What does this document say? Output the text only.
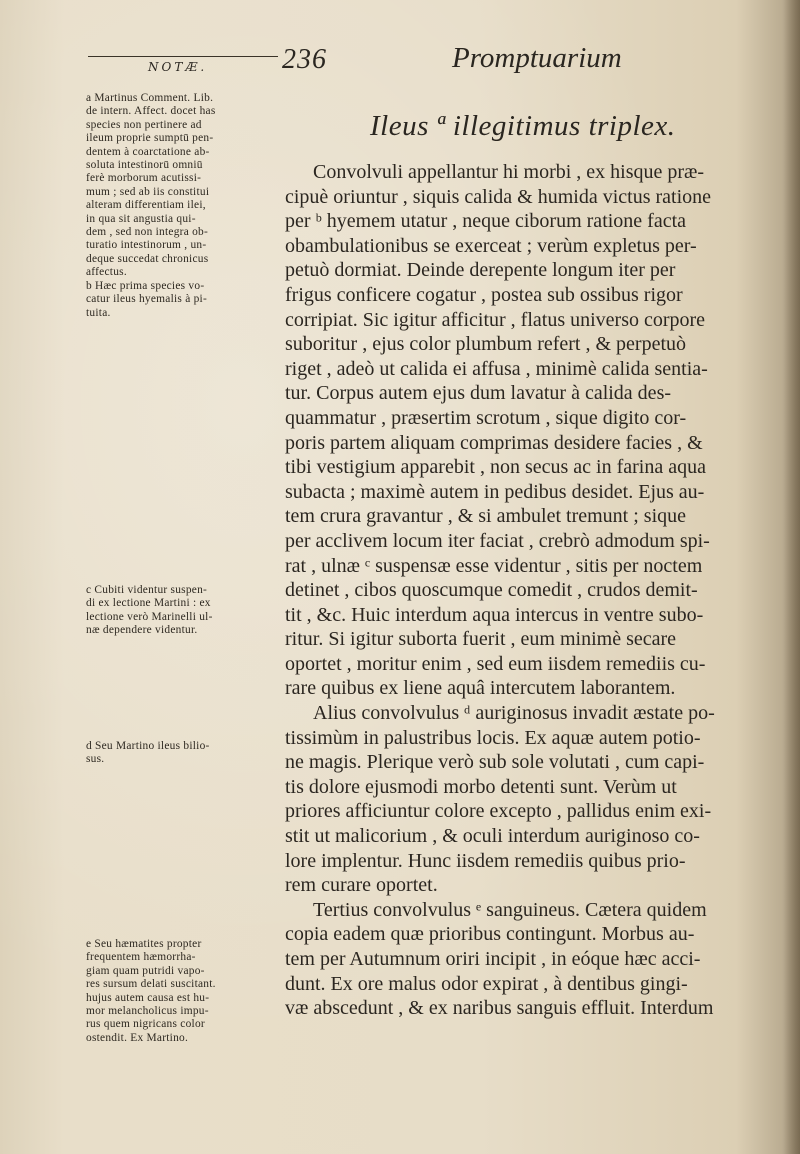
NOTÆ.	236	Promptuarium
Ileus ª illegitimus triplex.
a Martinus Comment. Lib.
de intern. Affect. docet has
species non pertinere ad
ileum proprie sumptū pen-
dentem à coarctatione ab-
soluta intestinorū omniū
ferè morborum acutissi-
mum ; sed ab iis constitui
alteram differentiam ilei,
in qua sit angustia qui-
dem , sed non integra ob-
turatio intestinorum , un-
deque succedat chronicus
affectus.
b Hæc prima species vo-
catur ileus hyemalis à pi-
tuita.
c Cubiti videntur suspen-
di ex lectione Martini : ex
lectione verò Marinelli ul-
næ dependere videntur.
d Seu Martino ileus bilio-
sus.
e Seu hæmatites propter
frequentem hæmorrha-
giam quam putridi vapo-
res sursum delati suscitant.
hujus autem causa est hu-
mor melancholicus impu-
rus quem nigricans color
ostendit. Ex Martino.
Convolvuli appellantur hi morbi , ex hisque præ-
cipuè oriuntur , siquis calida & humida victus ratione
per ᵇ hyemem utatur , neque ciborum ratione facta
obambulationibus se exerceat ; verùm expletus per-
petuò dormiat. Deinde derepente longum iter per
frigus conficere cogatur , postea sub ossibus rigor
corripiat. Sic igitur afficitur , flatus universo corpore
suboritur , ejus color plumbum refert , & perpetuò
riget , adeò ut calida ei affusa , minimè calida sentia-
tur. Corpus autem ejus dum lavatur à calida des-
quammatur , præsertim scrotum , sique digito cor-
poris partem aliquam comprimas desidere facies , &
tibi vestigium apparebit , non secus ac in farina aqua
subacta ; maximè autem in pedibus desidet. Ejus au-
tem crura gravantur , & si ambulet tremunt ; sique
per acclivem locum iter faciat , crebrò admodum spi-
rat , ulnæ ᶜ suspensæ esse videntur , sitis per noctem
detinet , cibos quoscumque comedit , crudos demit-
tit , &c. Huic interdum aqua intercus in ventre subo-
ritur. Si igitur suborta fuerit , eum minimè secare
oportet , moritur enim , sed eum iisdem remediis cu-
rare quibus ex liene aquâ intercutem laborantem.
Alius convolvulus ᵈ auriginosus invadit æstate po-
tissimùm in palustribus locis. Ex aquæ autem potio-
ne magis. Plerique verò sub sole volutati , cum capi-
tis dolore ejusmodi morbo detenti sunt. Verùm ut
priores afficiuntur colore excepto , pallidus enim exi-
stit ut malicorium , & oculi interdum auriginoso co-
lore implentur. Hunc iisdem remediis quibus prio-
rem curare oportet.
Tertius convolvulus ᵉ sanguineus. Cætera quidem
copia eadem quæ prioribus contingunt. Morbus au-
tem per Autumnum oriri incipit , in eóque hæc acci-
dunt. Ex ore malus odor expirat , à dentibus gingi-
væ abscedunt , & ex naribus sanguis effluit. Interdum
